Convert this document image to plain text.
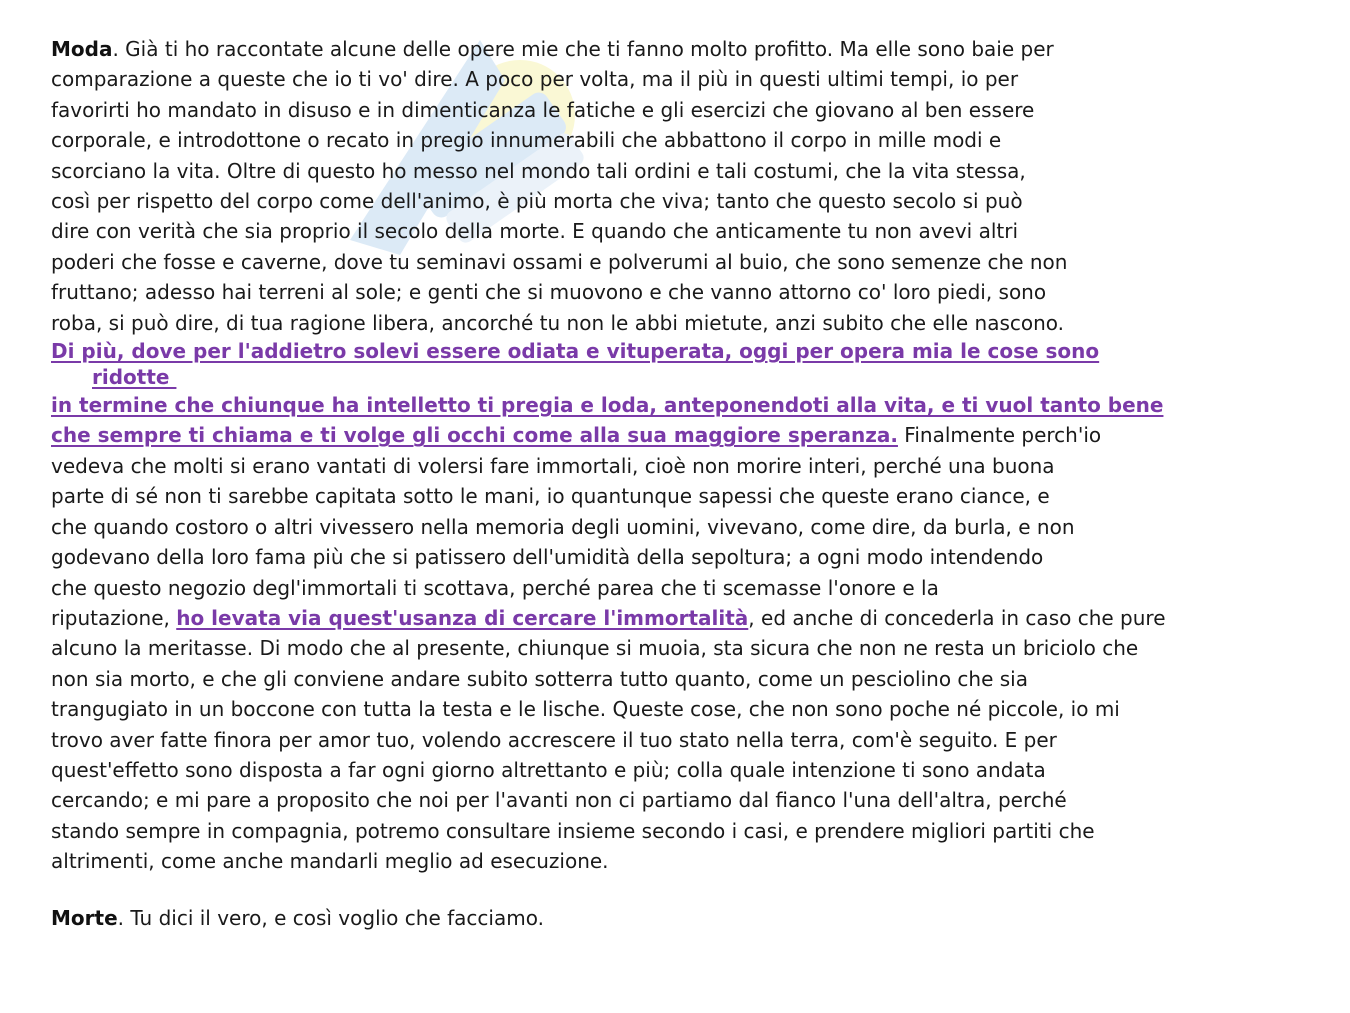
Moda. Già ti ho raccontate alcune delle opere mie che ti fanno molto profitto. Ma elle sono baie per
comparazione a queste che io ti vo' dire. A poco per volta, ma il più in questi ultimi tempi, io per
favorirti ho mandato in disuso e in dimenticanza le fatiche e gli esercizi che giovano al ben essere
corporale, e introdottone o recato in pregio innumerabili che abbattono il corpo in mille modi e
scorciano la vita. Oltre di questo ho messo nel mondo tali ordini e tali costumi, che la vita stessa,
così per rispetto del corpo come dell'animo, è più morta che viva; tanto che questo secolo si può
dire con verità che sia proprio il secolo della morte. E quando che anticamente tu non avevi altri
poderi che fosse e caverne, dove tu seminavi ossami e polverumi al buio, che sono semenze che non
fruttano; adesso hai terreni al sole; e genti che si muovono e che vanno attorno co' loro piedi, sono
roba, si può dire, di tua ragione libera, ancorché tu non le abbi mietute, anzi subito che elle nascono.
Di più, dove per l'addietro solevi essere odiata e vituperata, oggi per opera mia le cose sono
ridotte
in termine che chiunque ha intelletto ti pregia e loda, anteponendoti alla vita, e ti vuol tanto bene
che sempre ti chiama e ti volge gli occhi come alla sua maggiore speranza. Finalmente perch'io
vedeva che molti si erano vantati di volersi fare immortali, cioè non morire interi, perché una buona
parte di sé non ti sarebbe capitata sotto le mani, io quantunque sapessi che queste erano ciance, e
che quando costoro o altri vivessero nella memoria degli uomini, vivevano, come dire, da burla, e non
godevano della loro fama più che si patissero dell'umidità della sepoltura; a ogni modo intendendo
che questo negozio degl'immortali ti scottava, perché parea che ti scemasse l'onore e la
riputazione, ho levata via quest'usanza di cercare l'immortalità, ed anche di concederla in caso che pure
alcuno la meritasse. Di modo che al presente, chiunque si muoia, sta sicura che non ne resta un briciolo che
non sia morto, e che gli conviene andare subito sotterra tutto quanto, come un pesciolino che sia
trangugiato in un boccone con tutta la testa e le lische. Queste cose, che non sono poche né piccole, io mi
trovo aver fatte finora per amor tuo, volendo accrescere il tuo stato nella terra, com'è seguito. E per
quest'effetto sono disposta a far ogni giorno altrettanto e più; colla quale intenzione ti sono andata
cercando; e mi pare a proposito che noi per l'avanti non ci partiamo dal fianco l'una dell'altra, perché
stando sempre in compagnia, potremo consultare insieme secondo i casi, e prendere migliori partiti che
altrimenti, come anche mandarli meglio ad esecuzione.
Morte. Tu dici il vero, e così voglio che facciamo.
